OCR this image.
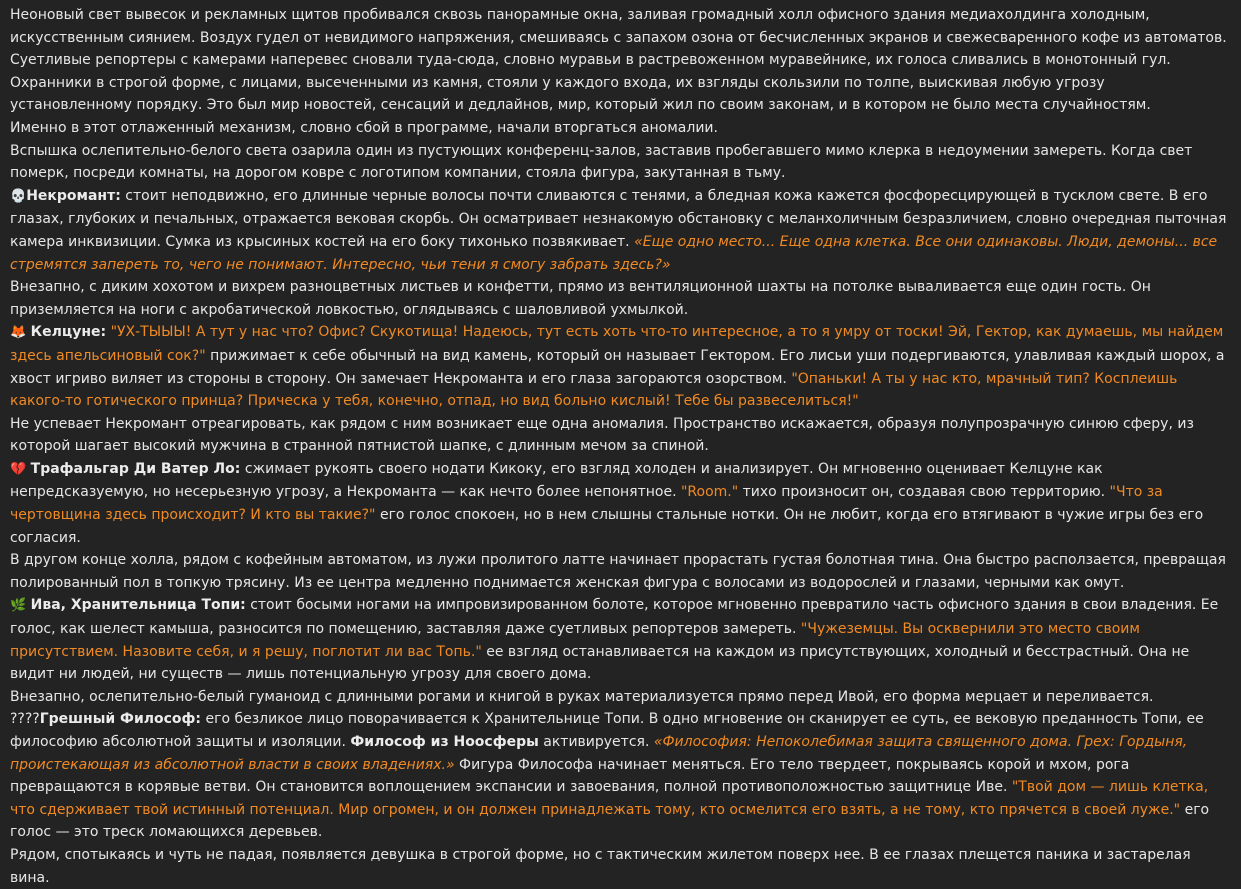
Неоновый свет вывесок и рекламных щитов пробивался сквозь панорамные окна, заливая громадный холл офисного здания медиахолдинга холодным, искусственным сиянием. Воздух гудел от невидимого напряжения, смешиваясь с запахом озона от бесчисленных экранов и свежесваренного кофе из автоматов. Суетливые репортеры с камерами наперевес сновали туда-сюда, словно муравьи в растревоженном муравейнике, их голоса сливались в монотонный гул. Охранники в строгой форме, с лицами, высеченными из камня, стояли у каждого входа, их взгляды скользили по толпе, выискивая любую угрозу установленному порядку. Это был мир новостей, сенсаций и дедлайнов, мир, который жил по своим законам, и в котором не было места случайностям.

Именно в этот отлаженный механизм, словно сбой в программе, начали вторгаться аномалии.

Вспышка ослепительно-белого света озарила один из пустующих конференц-залов, заставив пробегавшего мимо клерка в недоумении замереть. Когда свет померк, посреди комнаты, на дорогом ковре с логотипом компании, стояла фигура, закутанная в тьму.

💀Некромант: стоит неподвижно, его длинные черные волосы почти сливаются с тенями, а бледная кожа кажется фосфоресцирующей в тусклом свете. В его глазах, глубоких и печальных, отражается вековая скорбь. Он осматривает незнакомую обстановку с меланхоличным безразличием, словно очередная пыточная камера инквизиции. Сумка из крысиных костей на его боку тихонько позвякивает. «Еще одно место... Еще одна клетка. Все они одинаковы. Люди, демоны... все стремятся запереть то, чего не понимают. Интересно, чьи тени я смогу забрать здесь?»

Внезапно, с диким хохотом и вихрем разноцветных листьев и конфетти, прямо из вентиляционной шахты на потолке вываливается еще один гость. Он приземляется на ноги с акробатической ловкостью, оглядываясь с шаловливой ухмылкой.

🦊 Келцуне: "УХ-ТЫЫЫ! А тут у нас что? Офис? Скукотища! Надеюсь, тут есть хоть что-то интересное, а то я умру от тоски! Эй, Гектор, как думаешь, мы найдем здесь апельсиновый сок?" прижимает к себе обычный на вид камень, который он называет Гектором. Его лисьи уши подергиваются, улавливая каждый шорох, а хвост игриво виляет из стороны в сторону. Он замечает Некроманта и его глаза загораются озорством. "Опаньки! А ты у нас кто, мрачный тип? Косплеишь какого-то готического принца? Прическа у тебя, конечно, отпад, но вид больно кислый! Тебе бы развеселиться!"

Не успевает Некромант отреагировать, как рядом с ним возникает еще одна аномалия. Пространство искажается, образуя полупрозрачную синюю сферу, из которой шагает высокий мужчина в странной пятнистой шапке, с длинным мечом за спиной.

💔 Трафальгар Ди Ватер Ло: сжимает рукоять своего нодати Кикоку, его взгляд холоден и анализирует. Он мгновенно оценивает Келцуне как непредсказуемую, но несерьезную угрозу, а Некроманта — как нечто более непонятное. "Room." тихо произносит он, создавая свою территорию. "Что за чертовщина здесь происходит? И кто вы такие?" его голос спокоен, но в нем слышны стальные нотки. Он не любит, когда его втягивают в чужие игры без его согласия.

В другом конце холла, рядом с кофейным автоматом, из лужи пролитого латте начинает прорастать густая болотная тина. Она быстро расползается, превращая полированный пол в топкую трясину. Из ее центра медленно поднимается женская фигура с волосами из водорослей и глазами, черными как омут.

🌿 Ива, Хранительница Топи: стоит босыми ногами на импровизированном болоте, которое мгновенно превратило часть офисного здания в свои владения. Ее голос, как шелест камыша, разносится по помещению, заставляя даже суетливых репортеров замереть. "Чужеземцы. Вы осквернили это место своим присутствием. Назовите себя, и я решу, поглотит ли вас Топь." ее взгляд останавливается на каждом из присутствующих, холодный и бесстрастный. Она не видит ни людей, ни существ — лишь потенциальную угрозу для своего дома.

Внезапно, ослепительно-белый гуманоид с длинными рогами и книгой в руках материализуется прямо перед Ивой, его форма мерцает и переливается.

????Грешный Философ: его безликое лицо поворачивается к Хранительнице Топи. В одно мгновение он сканирует ее суть, ее вековую преданность Топи, ее философию абсолютной защиты и изоляции. Философ из Ноосферы активируется. «Философия: Непоколебимая защита священного дома. Грех: Гордыня, проистекающая из абсолютной власти в своих владениях.» Фигура Философа начинает меняться. Его тело твердеет, покрываясь корой и мхом, рога превращаются в корявые ветви. Он становится воплощением экспансии и завоевания, полной противоположностью защитнице Иве. "Твой дом — лишь клетка, что сдерживает твой истинный потенциал. Мир огромен, и он должен принадлежать тому, кто осмелится его взять, а не тому, кто прячется в своей луже." его голос — это треск ломающихся деревьев.

Рядом, спотыкаясь и чуть не падая, появляется девушка в строгой форме, но с тактическим жилетом поверх нее. В ее глазах плещется паника и застарелая вина.
